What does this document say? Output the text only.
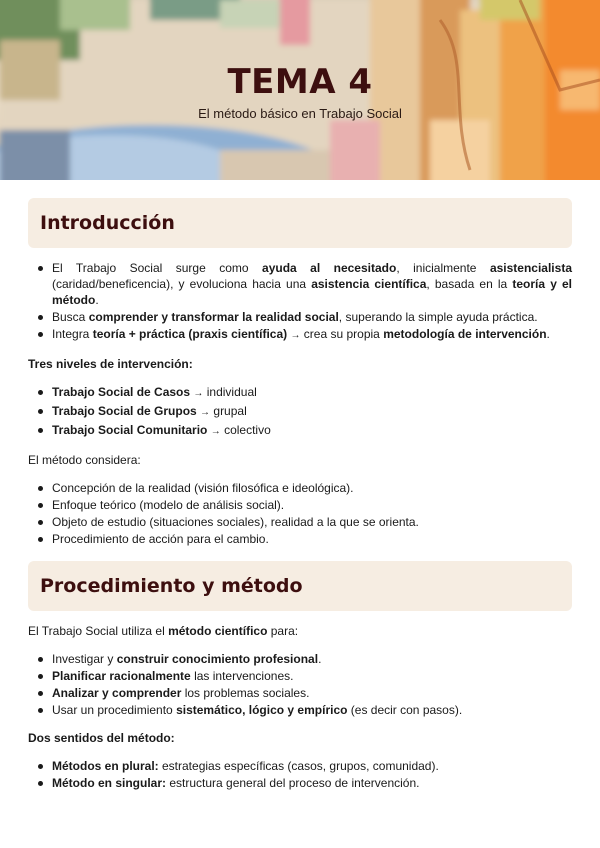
TEMA 4
El método básico en Trabajo Social
Introducción
El Trabajo Social surge como ayuda al necesitado, inicialmente asistencialista (caridad/beneficencia), y evoluciona hacia una asistencia científica, basada en la teoría y el método.
Busca comprender y transformar la realidad social, superando la simple ayuda práctica.
Integra teoría + práctica (praxis científica) → crea su propia metodología de intervención.

Tres niveles de intervención:

Trabajo Social de Casos → individual
Trabajo Social de Grupos → grupal
Trabajo Social Comunitario → colectivo

El método considera:

Concepción de la realidad (visión filosófica e ideológica).
Enfoque teórico (modelo de análisis social).
Objeto de estudio (situaciones sociales), realidad a la que se orienta.
Procedimiento de acción para el cambio.
Procedimiento y método

El Trabajo Social utiliza el método científico para:

Investigar y construir conocimiento profesional.
Planificar racionalmente las intervenciones.
Analizar y comprender los problemas sociales.
Usar un procedimiento sistemático, lógico y empírico (es decir con pasos).

Dos sentidos del método:

Métodos en plural: estrategias específicas (casos, grupos, comunidad).
Método en singular: estructura general del proceso de intervención.
